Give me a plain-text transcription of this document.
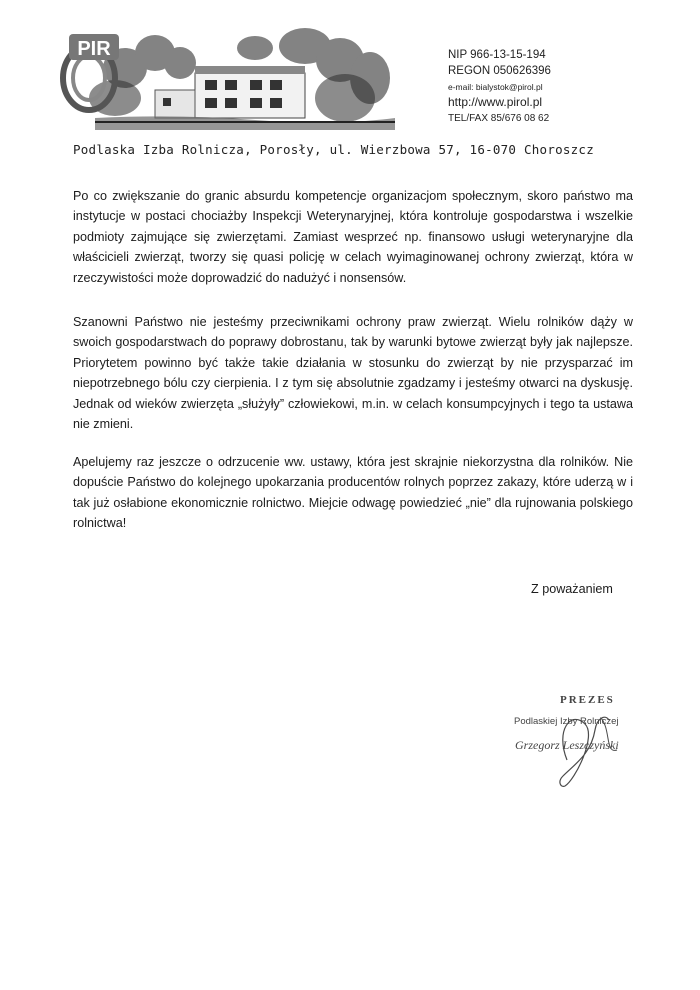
PIR	NIP 966-13-15-194
REGON 050626396
e-mail: bialystok@pirol.pl
http://www.pirol.pl
TEL/FAX 85/676 08 62
Podlaska Izba Rolnicza, Porosły, ul. Wierzbowa 57, 16-070 Choroszcz

Po co zwiększanie do granic absurdu kompetencje organizacjom społecznym, skoro państwo ma instytucje w postaci chociażby Inspekcji Weterynaryjnej, która kontroluje gospodarstwa i wszelkie podmioty zajmujące się zwierzętami. Zamiast wesprzeć np. finansowo usługi weterynaryjne dla właścicieli zwierząt, tworzy się quasi policję w celach wyimaginowanej ochrony zwierząt, która w rzeczywistości może doprowadzić do nadużyć i nonsensów.

Szanowni Państwo nie jesteśmy przeciwnikami ochrony praw zwierząt. Wielu rolników dąży w swoich gospodarstwach do poprawy dobrostanu, tak by warunki bytowe zwierząt były jak najlepsze. Priorytetem powinno być także takie działania w stosunku do zwierząt by nie przysparzać im niepotrzebnego bólu czy cierpienia. I z tym się absolutnie zgadzamy i jesteśmy otwarci na dyskusję. Jednak od wieków zwierzęta „służyły” człowiekowi, m.in. w celach konsumpcyjnych i tego ta ustawa nie zmieni.

Apelujemy raz jeszcze o odrzucenie ww. ustawy, która jest skrajnie niekorzystna dla rolników. Nie dopuście Państwo do kolejnego upokarzania producentów rolnych poprzez zakazy, które uderzą w i tak już osłabione ekonomicznie rolnictwo. Miejcie odwagę powiedzieć „nie” dla rujnowania polskiego rolnictwa!

Z poważaniem
PREZES
Podlaskiej Izby Rolniczej
Grzegorz Leszczyński
